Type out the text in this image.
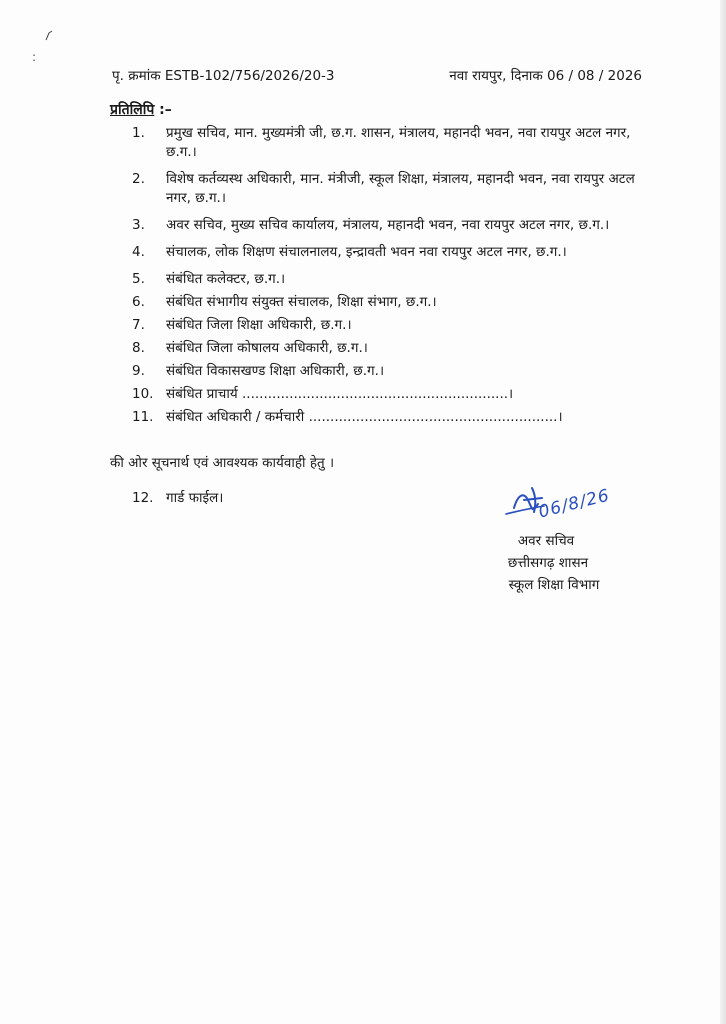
:
पृ. क्रमांक ESTB-102/756/2026/20-3	नवा रायपुर, दिनाक 06 / 08 / 2026
प्रतिलिपि :–
1.	प्रमुख सचिव, मान. मुख्यमंत्री जी, छ.ग. शासन, मंत्रालय, महानदी भवन, नवा रायपुर अटल नगर, छ.ग.।
2.	विशेष कर्तव्यस्थ अधिकारी, मान. मंत्रीजी, स्कूल शिक्षा, मंत्रालय, महानदी भवन, नवा रायपुर अटल नगर, छ.ग.।
3.	अवर सचिव, मुख्य सचिव कार्यालय, मंत्रालय, महानदी भवन, नवा रायपुर अटल नगर, छ.ग.।
4.	संचालक, लोक शिक्षण संचालनालय, इन्द्रावती भवन नवा रायपुर अटल नगर, छ.ग.।
5.	संबंधित कलेक्टर, छ.ग.।
6.	संबंधित संभागीय संयुक्त संचालक, शिक्षा संभाग, छ.ग.।
7.	संबंधित जिला शिक्षा अधिकारी, छ.ग.।
8.	संबंधित जिला कोषालय अधिकारी, छ.ग.।
9.	संबंधित विकासखण्ड शिक्षा अधिकारी, छ.ग.।
10. संबंधित प्राचार्य ..............................................................।
11. संबंधित अधिकारी / कर्मचारी ..........................................................।
की ओर सूचनार्थ एवं आवश्यक कार्यवाही हेतु ।
12. गार्ड फाईल।	06/8/26
अवर सचिव
छत्तीसगढ़ शासन
स्कूल शिक्षा विभाग
